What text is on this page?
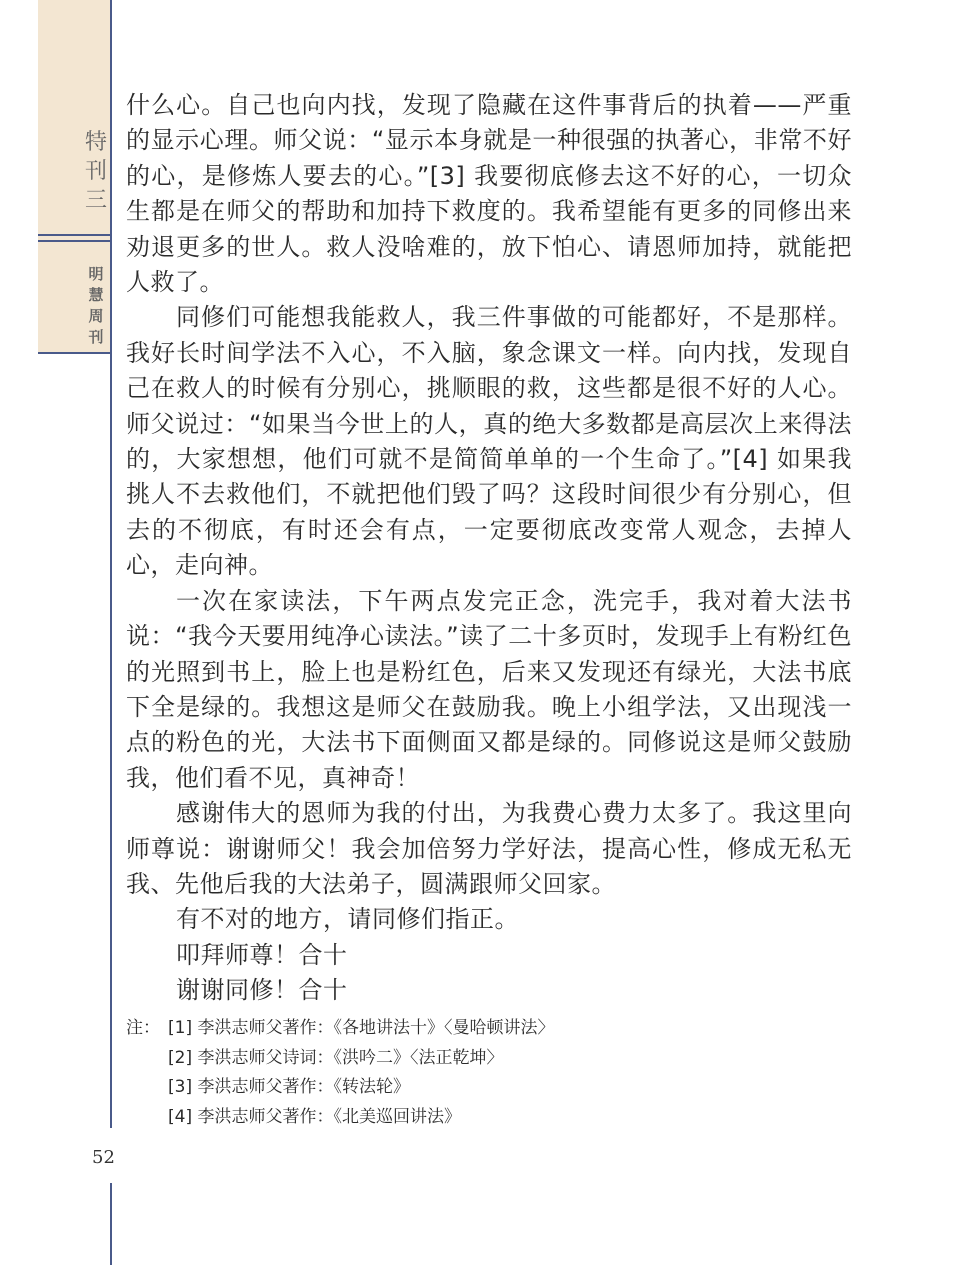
特
刊
三
明
慧
周
刊
52

什么心。自己也向内找，发现了隐藏在这件事背后的执着——严重的显示心理。师父说：“显示本身就是一种很强的执著心，非常不好的心，是修炼人要去的心。”[3] 我要彻底修去这不好的心，一切众生都是在师父的帮助和加持下救度的。我希望能有更多的同修出来劝退更多的世人。救人没啥难的，放下怕心、请恩师加持，就能把人救了。

同修们可能想我能救人，我三件事做的可能都好，不是那样。我好长时间学法不入心，不入脑，象念课文一样。向内找，发现自己在救人的时候有分别心，挑顺眼的救，这些都是很不好的人心。师父说过：“如果当今世上的人，真的绝大多数都是高层次上来得法的，大家想想，他们可就不是简简单单的一个生命了。”[4] 如果我挑人不去救他们，不就把他们毁了吗？这段时间很少有分别心，但去的不彻底，有时还会有点，一定要彻底改变常人观念，去掉人心，走向神。

一次在家读法，下午两点发完正念，洗完手，我对着大法书说：“我今天要用纯净心读法。”读了二十多页时，发现手上有粉红色的光照到书上，脸上也是粉红色，后来又发现还有绿光，大法书底下全是绿的。我想这是师父在鼓励我。晚上小组学法，又出现浅一点的粉色的光，大法书下面侧面又都是绿的。同修说这是师父鼓励我，他们看不见，真神奇！

感谢伟大的恩师为我的付出，为我费心费力太多了。我这里向师尊说：谢谢师父！我会加倍努力学好法，提高心性，修成无私无我、先他后我的大法弟子，圆满跟师父回家。

有不对的地方，请同修们指正。

叩拜师尊！合十

谢谢同修！合十

注： [1] 李洪志师父著作：《各地讲法十》〈曼哈顿讲法〉
[2] 李洪志师父诗词：《洪吟二》〈法正乾坤〉
[3] 李洪志师父著作：《转法轮》
[4] 李洪志师父著作：《北美巡回讲法》
